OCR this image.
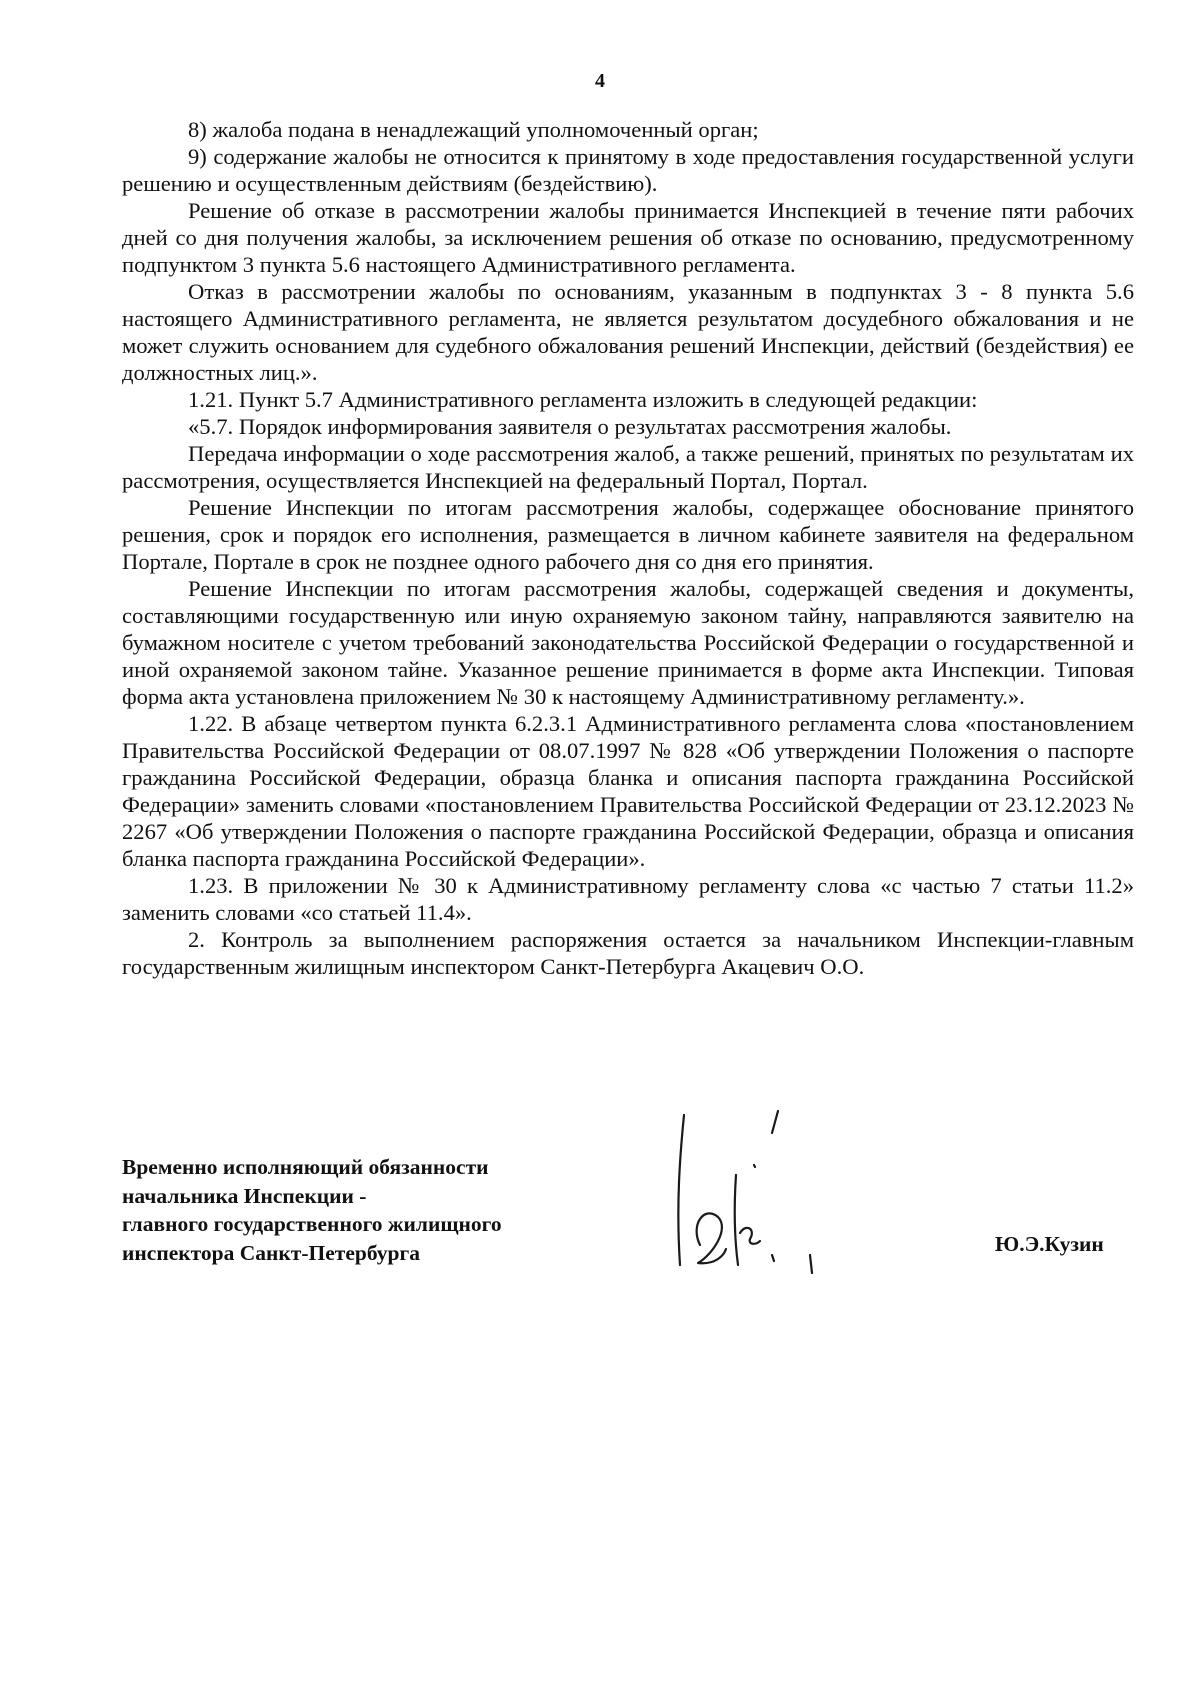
4

8) жалоба подана в ненадлежащий уполномоченный орган;

9) содержание жалобы не относится к принятому в ходе предоставления государственной услуги решению и осуществленным действиям (бездействию).

Решение об отказе в рассмотрении жалобы принимается Инспекцией в течение пяти рабочих дней со дня получения жалобы, за исключением решения об отказе по основанию, предусмотренному подпунктом 3 пункта 5.6 настоящего Административного регламента.

Отказ в рассмотрении жалобы по основаниям, указанным в подпунктах 3 - 8 пункта 5.6 настоящего Административного регламента, не является результатом досудебного обжалования и не может служить основанием для судебного обжалования решений Инспекции, действий (бездействия) ее должностных лиц.».

1.21. Пункт 5.7 Административного регламента изложить в следующей редакции:

«5.7. Порядок информирования заявителя о результатах рассмотрения жалобы.

Передача информации о ходе рассмотрения жалоб, а также решений, принятых по результатам их рассмотрения, осуществляется Инспекцией на федеральный Портал, Портал.

Решение Инспекции по итогам рассмотрения жалобы, содержащее обоснование принятого решения, срок и порядок его исполнения, размещается в личном кабинете заявителя на федеральном Портале, Портале в срок не позднее одного рабочего дня со дня его принятия.

Решение Инспекции по итогам рассмотрения жалобы, содержащей сведения и документы, составляющими государственную или иную охраняемую законом тайну, направляются заявителю на бумажном носителе с учетом требований законодательства Российской Федерации о государственной и иной охраняемой законом тайне. Указанное решение принимается в форме акта Инспекции. Типовая форма акта установлена приложением № 30 к настоящему Административному регламенту.».

1.22. В абзаце четвертом пункта 6.2.3.1 Административного регламента слова «постановлением Правительства Российской Федерации от 08.07.1997 № 828 «Об утверждении Положения о паспорте гражданина Российской Федерации, образца бланка и описания паспорта гражданина Российской Федерации» заменить словами «постановлением Правительства Российской Федерации от 23.12.2023 № 2267 «Об утверждении Положения о паспорте гражданина Российской Федерации, образца и описания бланка паспорта гражданина Российской Федерации».

1.23. В приложении № 30 к Административному регламенту слова «с частью 7 статьи 11.2» заменить словами «со статьей 11.4».

2. Контроль за выполнением распоряжения остается за начальником Инспекции-главным государственным жилищным инспектором Санкт-Петербурга Акацевич О.О.

Временно исполняющий обязанности
начальника Инспекции -
главного государственного жилищного
инспектора Санкт-Петербурга	Ю.Э.Кузин
